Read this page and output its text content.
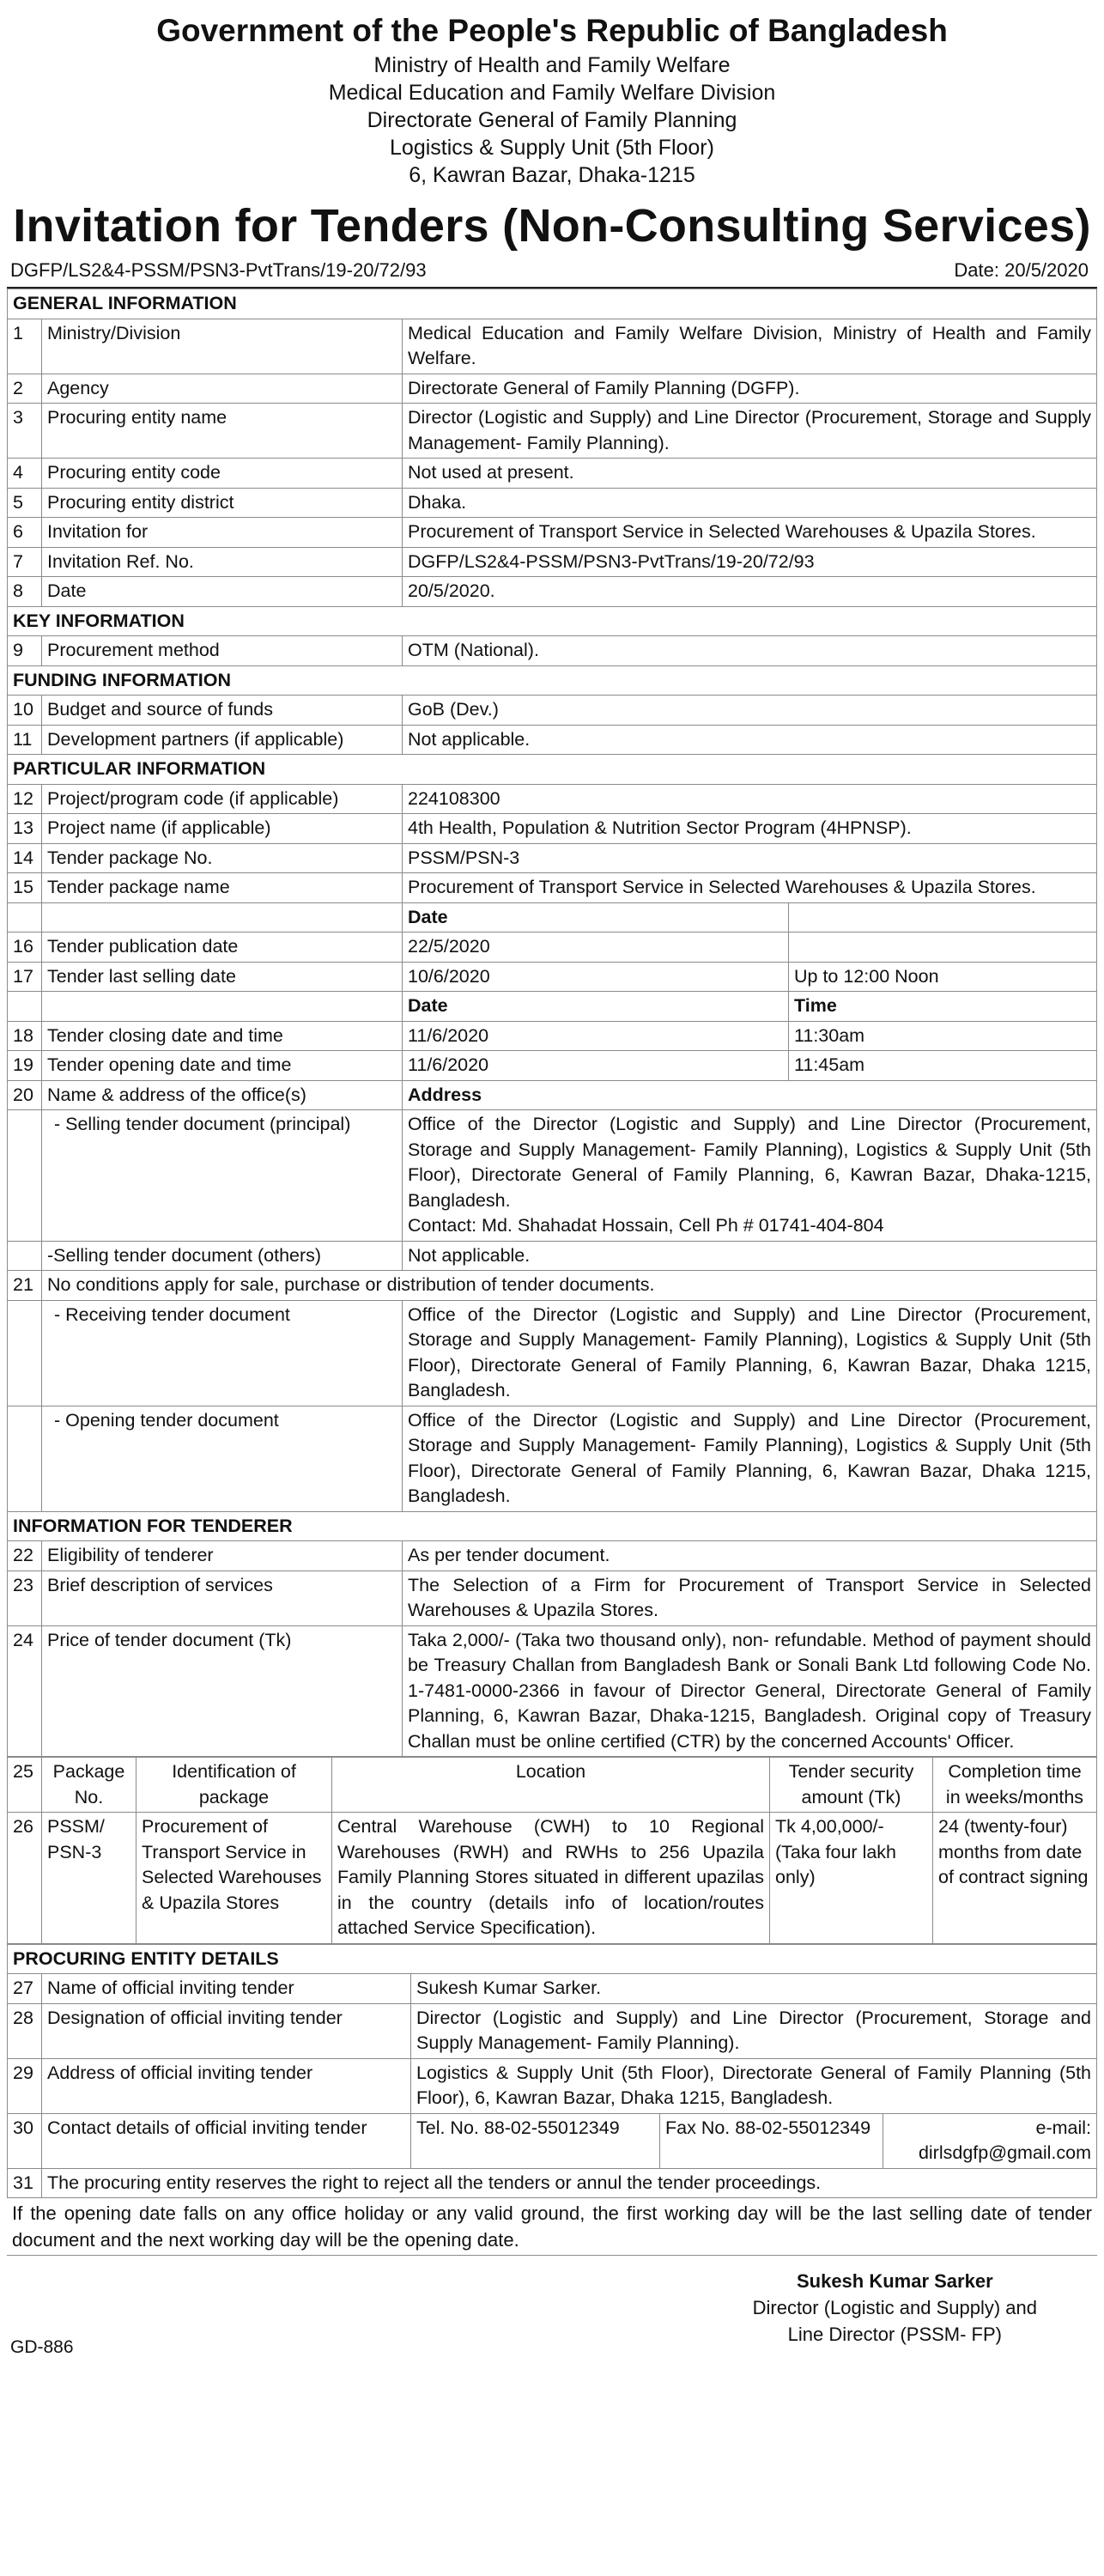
Government of the People's Republic of Bangladesh
Ministry of Health and Family Welfare
Medical Education and Family Welfare Division
Directorate General of Family Planning
Logistics & Supply Unit (5th Floor)
6, Kawran Bazar, Dhaka-1215
Invitation for Tenders (Non-Consulting Services)
DGFP/LS2&4-PSSM/PSN3-PvtTrans/19-20/72/93	Date: 20/5/2020
GENERAL INFORMATION			
1	Ministry/Division	Medical Education and Family Welfare Division, Ministry of Health and Family Welfare.	
2	Agency	Directorate General of Family Planning (DGFP).	
3	Procuring entity name	Director (Logistic and Supply) and Line Director (Procurement, Storage and Supply Management- Family Planning).	
4	Procuring entity code	Not used at present.	
5	Procuring entity district	Dhaka.	
6	Invitation for	Procurement of Transport Service in Selected Warehouses & Upazila Stores.	
7	Invitation Ref. No.	DGFP/LS2&4-PSSM/PSN3-PvtTrans/19-20/72/93	
8	Date	20/5/2020.	
KEY INFORMATION			
9	Procurement method	OTM (National).	
FUNDING INFORMATION			
10	Budget and source of funds	GoB (Dev.)	
11	Development partners (if applicable)	Not applicable.	
PARTICULAR INFORMATION			
12	Project/program code (if applicable)	224108300	
13	Project name (if applicable)	4th Health, Population & Nutrition Sector Program (4HPNSP).	
14	Tender package No.	PSSM/PSN-3	
15	Tender package name	Procurement of Transport Service in Selected Warehouses & Upazila Stores.	
		Date	
16	Tender publication date	22/5/2020	
17	Tender last selling date	10/6/2020	Up to 12:00 Noon
		Date	Time
18	Tender closing date and time	11/6/2020	11:30am
19	Tender opening date and time	11/6/2020	11:45am
20	Name & address of the office(s)	Address	
	- Selling tender document (principal)	Office of the Director (Logistic and Supply) and Line Director (Procurement, Storage and Supply Management- Family Planning), Logistics & Supply Unit (5th Floor), Directorate General of Family Planning, 6, Kawran Bazar, Dhaka-1215, Bangladesh.
Contact: Md. Shahadat Hossain, Cell Ph # 01741-404-804	
	-Selling tender document (others)	Not applicable.	
21	No conditions apply for sale, purchase or distribution of tender documents.		
	- Receiving tender document	Office of the Director (Logistic and Supply) and Line Director (Procurement, Storage and Supply Management- Family Planning), Logistics & Supply Unit (5th Floor), Directorate General of Family Planning, 6, Kawran Bazar, Dhaka 1215, Bangladesh.	
	- Opening tender document	Office of the Director (Logistic and Supply) and Line Director (Procurement, Storage and Supply Management- Family Planning), Logistics & Supply Unit (5th Floor), Directorate General of Family Planning, 6, Kawran Bazar, Dhaka 1215, Bangladesh.	
INFORMATION FOR TENDERER			
22	Eligibility of tenderer	As per tender document.	
23	Brief description of services	The Selection of a Firm for Procurement of Transport Service in Selected Warehouses & Upazila Stores.	
24	Price of tender document (Tk)	Taka 2,000/- (Taka two thousand only), non- refundable. Method of payment should be Treasury Challan from Bangladesh Bank or Sonali Bank Ltd following Code No. 1-7481-0000-2366 in favour of Director General, Directorate General of Family Planning, 6, Kawran Bazar, Dhaka-1215, Bangladesh. Original copy of Treasury Challan must be online certified (CTR) by the concerned Accounts' Officer.	
25	Package No.	Identification of package	Location	Tender security amount (Tk)	Completion time in weeks/months
26	PSSM/ PSN-3	Procurement of Transport Service in Selected Warehouses & Upazila Stores	Central Warehouse (CWH) to 10 Regional Warehouses (RWH) and RWHs to 256 Upazila Family Planning Stores situated in different upazilas in the country (details info of location/routes attached Service Specification).	Tk 4,00,000/- (Taka four lakh only)	24 (twenty-four) months from date of contract signing
PROCURING ENTITY DETAILS				
27	Name of official inviting tender	Sukesh Kumar Sarker.		
28	Designation of official inviting tender	Director (Logistic and Supply) and Line Director (Procurement, Storage and Supply Management- Family Planning).		
29	Address of official inviting tender	Logistics & Supply Unit (5th Floor), Directorate General of Family Planning (5th Floor), 6, Kawran Bazar, Dhaka 1215, Bangladesh.		
30	Contact details of official inviting tender	Tel. No. 88-02-55012349	Fax No. 88-02-55012349	e-mail:
dirlsdgfp@gmail.com
31	The procuring entity reserves the right to reject all the tenders or annul the tender proceedings.			
If the opening date falls on any office holiday or any valid ground, the first working day will be the last selling date of tender document and the next working day will be the opening date.
Sukesh Kumar Sarker
Director (Logistic and Supply) and
Line Director (PSSM- FP)
GD-886
